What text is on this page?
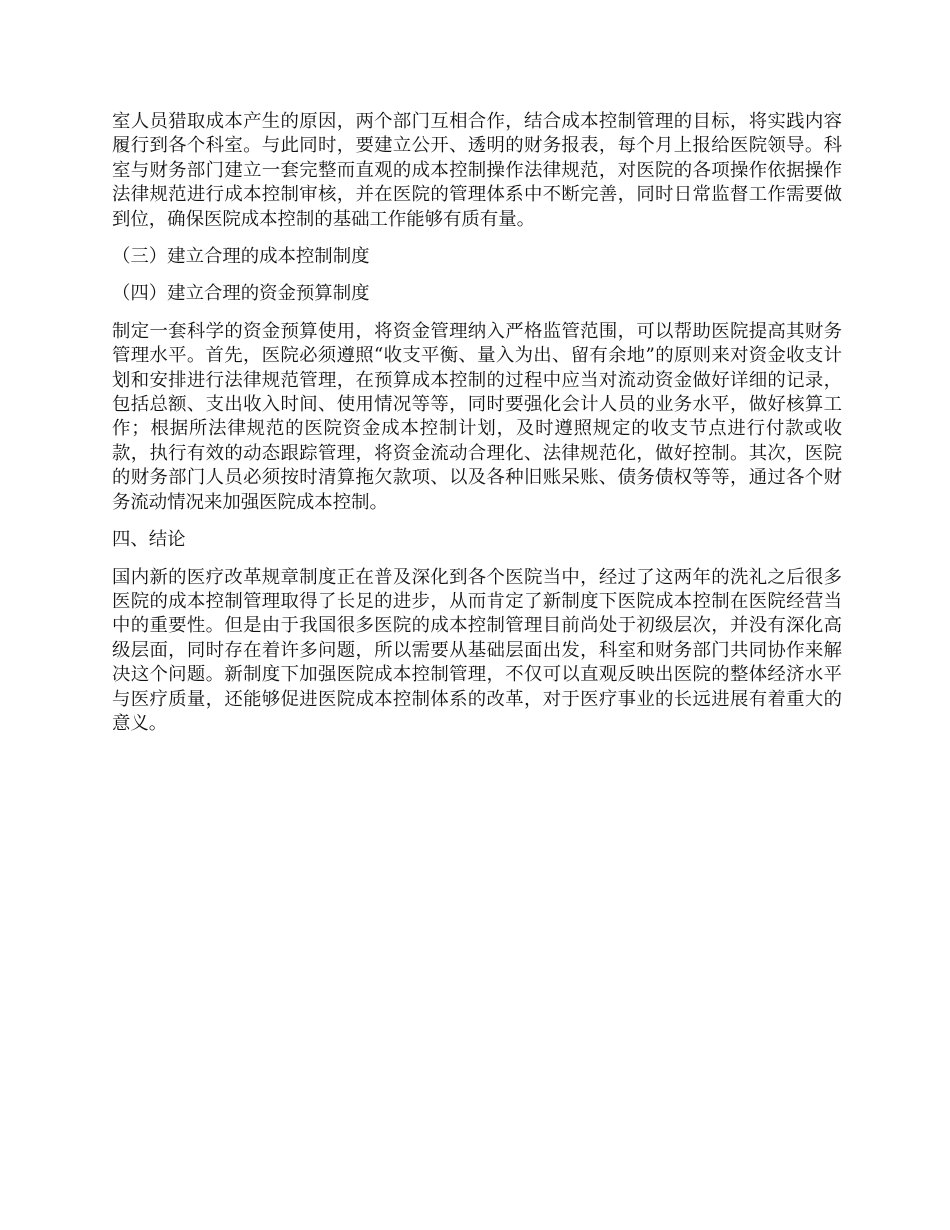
室人员猎取成本产生的原因，两个部门互相合作，结合成本控制管理的目标，将实践内容履行到各个科室。与此同时，要建立公开、透明的财务报表，每个月上报给医院领导。科室与财务部门建立一套完整而直观的成本控制操作法律规范，对医院的各项操作依据操作法律规范进行成本控制审核，并在医院的管理体系中不断完善，同时日常监督工作需要做到位，确保医院成本控制的基础工作能够有质有量。

（三）建立合理的成本控制制度

（四）建立合理的资金预算制度

制定一套科学的资金预算使用，将资金管理纳入严格监管范围，可以帮助医院提高其财务管理水平。首先，医院必须遵照“收支平衡、量入为出、留有余地”的原则来对资金收支计划和安排进行法律规范管理，在预算成本控制的过程中应当对流动资金做好详细的记录，包括总额、支出收入时间、使用情况等等，同时要强化会计人员的业务水平，做好核算工作；根据所法律规范的医院资金成本控制计划，及时遵照规定的收支节点进行付款或收款，执行有效的动态跟踪管理，将资金流动合理化、法律规范化，做好控制。其次，医院的财务部门人员必须按时清算拖欠款项、以及各种旧账呆账、债务债权等等，通过各个财务流动情况来加强医院成本控制。

四、结论

国内新的医疗改革规章制度正在普及深化到各个医院当中，经过了这两年的洗礼之后很多医院的成本控制管理取得了长足的进步，从而肯定了新制度下医院成本控制在医院经营当中的重要性。但是由于我国很多医院的成本控制管理目前尚处于初级层次，并没有深化高级层面，同时存在着许多问题，所以需要从基础层面出发，科室和财务部门共同协作来解决这个问题。新制度下加强医院成本控制管理，不仅可以直观反映出医院的整体经济水平与医疗质量，还能够促进医院成本控制体系的改革，对于医疗事业的长远进展有着重大的意义。
